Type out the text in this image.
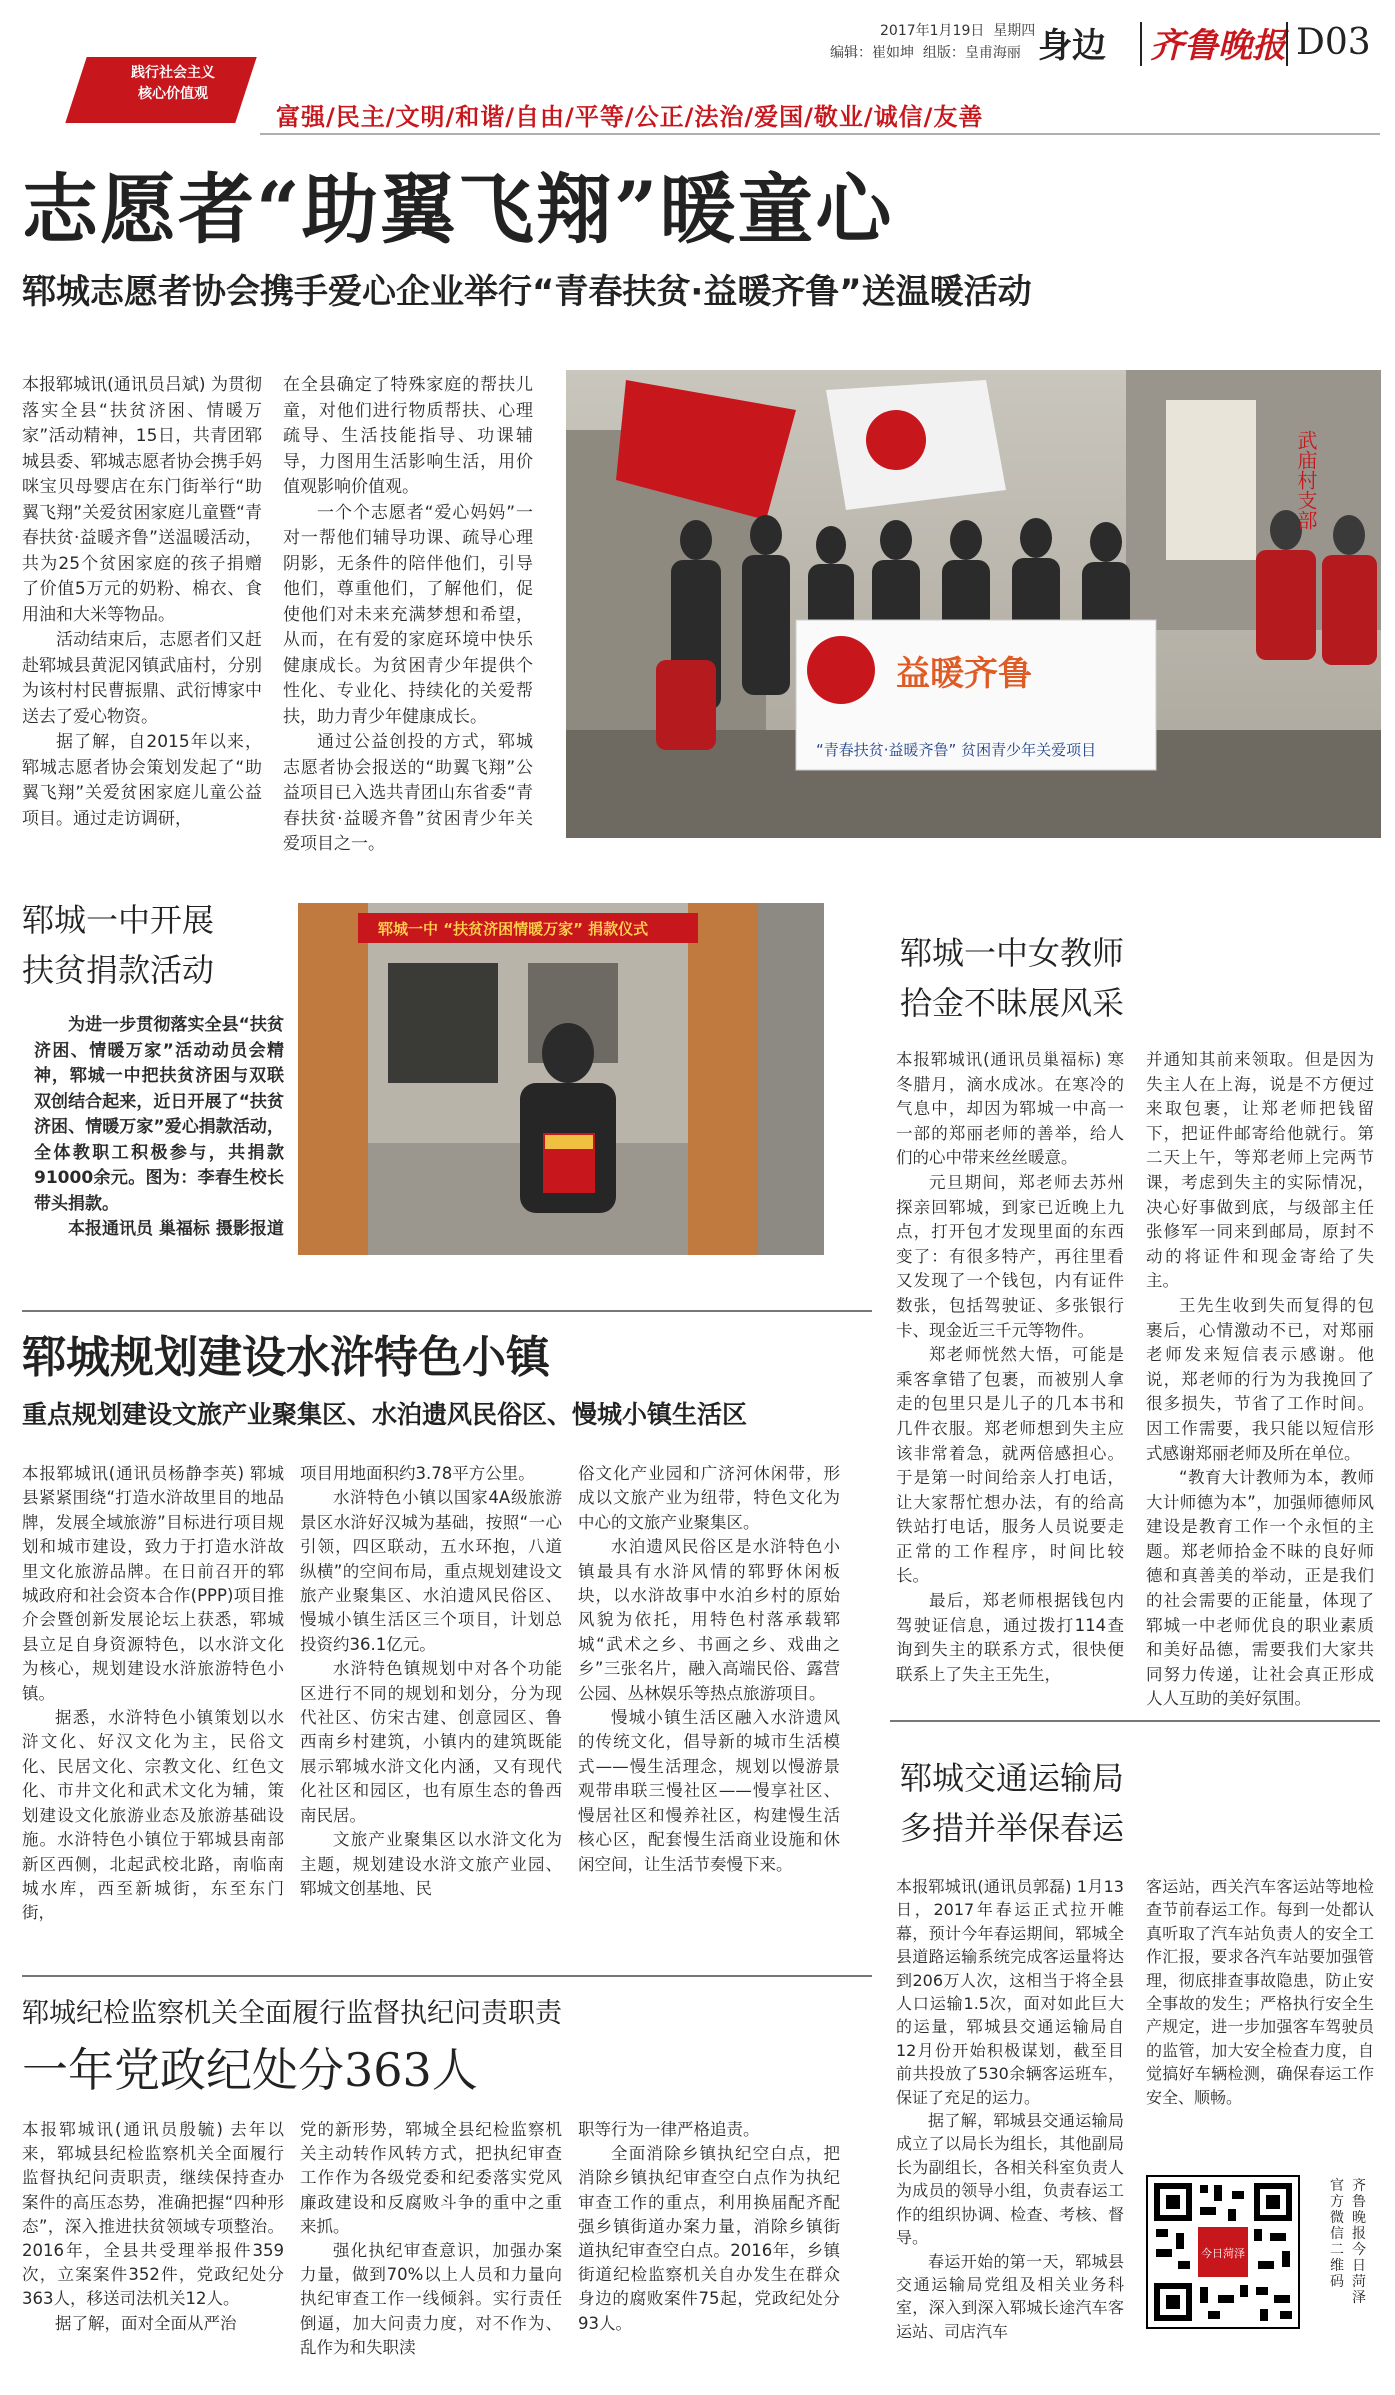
践行社会主义
核心价值观
富强/民主/文明/和谐/自由/平等/公正/法治/爱国/敬业/诚信/友善
2017年1月19日 星期四
编辑：崔如坤 组版：皇甫海丽 身边 齐鲁晚报 D03
志愿者“助翼飞翔”暖童心
郓城志愿者协会携手爱心企业举行“青春扶贫·益暖齐鲁”送温暖活动

本报郓城讯(通讯员吕斌) 为贯彻落实全县“扶贫济困、情暖万家”活动精神，15日，共青团郓城县委、郓城志愿者协会携手妈咪宝贝母婴店在东门街举行“助翼飞翔”关爱贫困家庭儿童暨“青春扶贫·益暖齐鲁”送温暖活动，共为25个贫困家庭的孩子捐赠了价值5万元的奶粉、棉衣、食用油和大米等物品。

活动结束后，志愿者们又赶赴郓城县黄泥冈镇武庙村，分别为该村村民曹振鼎、武衍博家中送去了爱心物资。

据了解，自2015年以来，郓城志愿者协会策划发起了“助翼飞翔”关爱贫困家庭儿童公益项目。通过走访调研，

在全县确定了特殊家庭的帮扶儿童，对他们进行物质帮扶、心理疏导、生活技能指导、功课辅导，力图用生活影响生活，用价值观影响价值观。

一个个志愿者“爱心妈妈”一对一帮他们辅导功课、疏导心理阴影，无条件的陪伴他们，引导他们，尊重他们，了解他们，促使他们对未来充满梦想和希望，从而，在有爱的家庭环境中快乐健康成长。为贫困青少年提供个性化、专业化、持续化的关爱帮扶，助力青少年健康成长。

通过公益创投的方式，郓城志愿者协会报送的“助翼飞翔”公益项目已入选共青团山东省委“青春扶贫·益暖齐鲁”贫困青少年关爱项目之一。

益暖齐鲁
“青春扶贫·益暖齐鲁” 贫困青少年关爱项目
武庙村支部
郓城一中开展
扶贫捐款活动

为进一步贯彻落实全县“扶贫济困、情暖万家”活动动员会精神，郓城一中把扶贫济困与双联双创结合起来，近日开展了“扶贫济困、情暖万家”爱心捐款活动，全体教职工积极参与，共捐款91000余元。图为：李春生校长带头捐款。

本报通讯员 巢福标 摄影报道

郓城一中 “扶贫济困情暖万家” 捐款仪式
郓城一中女教师
拾金不昧展风采

本报郓城讯(通讯员巢福标) 寒冬腊月，滴水成冰。在寒冷的气息中，却因为郓城一中高一一部的郑丽老师的善举，给人们的心中带来丝丝暖意。

元旦期间，郑老师去苏州探亲回郓城，到家已近晚上九点，打开包才发现里面的东西变了：有很多特产，再往里看又发现了一个钱包，内有证件数张，包括驾驶证、多张银行卡、现金近三千元等物件。

郑老师恍然大悟，可能是乘客拿错了包裹，而被别人拿走的包里只是儿子的几本书和几件衣服。郑老师想到失主应该非常着急，就两倍感担心。于是第一时间给亲人打电话，让大家帮忙想办法，有的给高铁站打电话，服务人员说要走正常的工作程序，时间比较长。

最后，郑老师根据钱包内驾驶证信息，通过拨打114查询到失主的联系方式，很快便联系上了失主王先生，

并通知其前来领取。但是因为失主人在上海，说是不方便过来取包裹，让郑老师把钱留下，把证件邮寄给他就行。第二天上午，等郑老师上完两节课，考虑到失主的实际情况，决心好事做到底，与级部主任张修军一同来到邮局，原封不动的将证件和现金寄给了失主。

王先生收到失而复得的包裹后，心情激动不已，对郑丽老师发来短信表示感谢。他说，郑老师的行为为我挽回了很多损失，节省了工作时间。因工作需要，我只能以短信形式感谢郑丽老师及所在单位。

“教育大计教师为本，教师大计师德为本”，加强师德师风建设是教育工作一个永恒的主题。郑老师拾金不昧的良好师德和真善美的举动，正是我们的社会需要的正能量，体现了郓城一中老师优良的职业素质和美好品德，需要我们大家共同努力传递，让社会真正形成人人互助的美好氛围。

郓城规划建设水浒特色小镇
重点规划建设文旅产业聚集区、水泊遗风民俗区、慢城小镇生活区

本报郓城讯(通讯员杨静李英) 郓城县紧紧围绕“打造水浒故里目的地品牌，发展全域旅游”目标进行项目规划和城市建设，致力于打造水浒故里文化旅游品牌。在日前召开的郓城政府和社会资本合作(PPP)项目推介会暨创新发展论坛上获悉，郓城县立足自身资源特色，以水浒文化为核心，规划建设水浒旅游特色小镇。

据悉，水浒特色小镇策划以水浒文化、好汉文化为主，民俗文化、民居文化、宗教文化、红色文化、市井文化和武术文化为辅，策划建设文化旅游业态及旅游基础设施。水浒特色小镇位于郓城县南部新区西侧，北起武校北路，南临南城水库，西至新城街，东至东门街，

项目用地面积约3.78平方公里。

水浒特色小镇以国家4A级旅游景区水浒好汉城为基础，按照“一心引领，四区联动，五水环抱，八道纵横”的空间布局，重点规划建设文旅产业聚集区、水泊遗风民俗区、慢城小镇生活区三个项目，计划总投资约36.1亿元。

水浒特色镇规划中对各个功能区进行不同的规划和划分，分为现代社区、仿宋古建、创意园区、鲁西南乡村建筑，小镇内的建筑既能展示郓城水浒文化内涵，又有现代化社区和园区，也有原生态的鲁西南民居。

文旅产业聚集区以水浒文化为主题，规划建设水浒文旅产业园、郓城文创基地、民

俗文化产业园和广济河休闲带，形成以文旅产业为纽带，特色文化为中心的文旅产业聚集区。

水泊遗风民俗区是水浒特色小镇最具有水浒风情的郓野休闲板块，以水浒故事中水泊乡村的原始风貌为依托，用特色村落承载郓城“武术之乡、书画之乡、戏曲之乡”三张名片，融入高端民俗、露营公园、丛林娱乐等热点旅游项目。

慢城小镇生活区融入水浒遗风的传统文化，倡导新的城市生活模式——慢生活理念，规划以慢游景观带串联三慢社区——慢享社区、慢居社区和慢养社区，构建慢生活核心区，配套慢生活商业设施和休闲空间，让生活节奏慢下来。

郓城纪检监察机关全面履行监督执纪问责职责
一年党政纪处分363人

本报郓城讯(通讯员殷毓) 去年以来，郓城县纪检监察机关全面履行监督执纪问责职责，继续保持查办案件的高压态势，准确把握“四种形态”，深入推进扶贫领域专项整治。2016年，全县共受理举报件359次，立案案件352件，党政纪处分363人，移送司法机关12人。

据了解，面对全面从严治

党的新形势，郓城全县纪检监察机关主动转作风转方式，把执纪审查工作作为各级党委和纪委落实党风廉政建设和反腐败斗争的重中之重来抓。

强化执纪审查意识，加强办案力量，做到70%以上人员和力量向执纪审查工作一线倾斜。实行责任倒逼，加大问责力度，对不作为、乱作为和失职渎

职等行为一律严格追责。

全面消除乡镇执纪空白点，把消除乡镇执纪审查空白点作为执纪审查工作的重点，利用换届配齐配强乡镇街道办案力量，消除乡镇街道执纪审查空白点。2016年，乡镇街道纪检监察机关自办发生在群众身边的腐败案件75起，党政纪处分93人。

郓城交通运输局
多措并举保春运

本报郓城讯(通讯员郭磊) 1月13日，2017年春运正式拉开帷幕，预计今年春运期间，郓城全县道路运输系统完成客运量将达到206万人次，这相当于将全县人口运输1.5次，面对如此巨大的运量，郓城县交通运输局自12月份开始积极谋划，截至目前共投放了530余辆客运班车，保证了充足的运力。

据了解，郓城县交通运输局成立了以局长为组长，其他副局长为副组长，各相关科室负责人为成员的领导小组，负责春运工作的组织协调、检查、考核、督导。

春运开始的第一天，郓城县交通运输局党组及相关业务科室，深入到深入郓城长途汽车客运站、司店汽车

客运站，西关汽车客运站等地检查节前春运工作。每到一处都认真听取了汽车站负责人的安全工作汇报，要求各汽车站要加强管理，彻底排查事故隐患，防止安全事故的发生；严格执行安全生产规定，进一步加强客车驾驶员的监管，加大安全检查力度，自觉搞好车辆检测，确保春运工作安全、顺畅。

今日菏泽
官方微信
二维码
齐鲁晚报
今日菏泽
